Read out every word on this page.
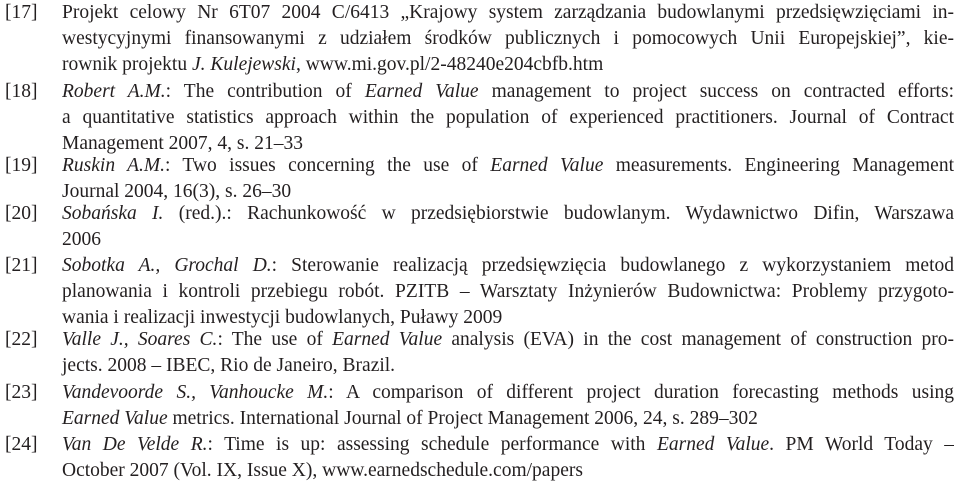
[17] Projekt celowy Nr 6T07 2004 C/6413 „Krajowy system zarządzania budowlanymi przedsięwzięciami in-
westycyjnymi finansowanymi z udziałem środków publicznych i pomocowych Unii Europejskiej”, kie-
rownik projektu J. Kulejewski, www.mi.gov.pl/2-48240e204cbfb.htm
[18] Robert A.M.: The contribution of Earned Value management to project success on contracted efforts:
a quantitative statistics approach within the population of experienced practitioners. Journal of Contract
Management 2007, 4, s. 21–33
[19] Ruskin A.M.: Two issues concerning the use of Earned Value measurements. Engineering Management
Journal 2004, 16(3), s. 26–30
[20] Sobańska I. (red.).: Rachunkowość w przedsiębiorstwie budowlanym. Wydawnictwo Difin, Warszawa
2006
[21] Sobotka A., Grochal D.: Sterowanie realizacją przedsięwzięcia budowlanego z wykorzystaniem metod
planowania i kontroli przebiegu robót. PZITB – Warsztaty Inżynierów Budownictwa: Problemy przygoto-
wania i realizacji inwestycji budowlanych, Puławy 2009
[22] Valle J., Soares C.: The use of Earned Value analysis (EVA) in the cost management of construction pro-
jects. 2008 – IBEC, Rio de Janeiro, Brazil.
[23] Vandevoorde S., Vanhoucke M.: A comparison of different project duration forecasting methods using
Earned Value metrics. International Journal of Project Management 2006, 24, s. 289–302
[24] Van De Velde R.: Time is up: assessing schedule performance with Earned Value. PM World Today –
October 2007 (Vol. IX, Issue X), www.earnedschedule.com/papers
